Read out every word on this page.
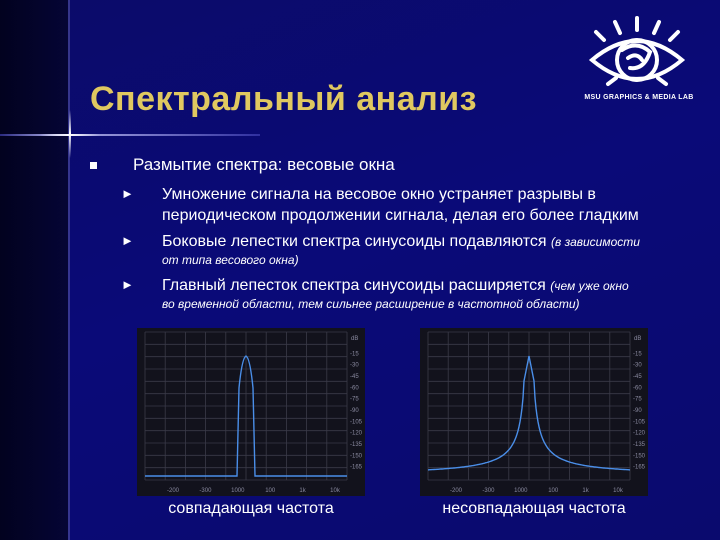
Спектральный анализ	MSU GRAPHICS & MEDIA LAB
Размытие спектра: весовые окна
► Умножение сигнала на весовое окно устраняет разрывы в
периодическом продолжении сигнала, делая его более гладким
► Боковые лепестки спектра синусоиды подавляются (в зависимости
от типа весового окна)
► Главный лепесток спектра синусоиды расширяется (чем уже окно
во временной области, тем сильнее расширение в частотной области)
dB
-15
-30
-45
-60
-75
-90
-105
-120
-135
-150
-165
-200	-300	1000	100	1k	10k
dB
-15
-30
-45
-60
-75
-90
-105
-120
-135
-150
-165
-200	-300	1000	100	1k	10k
совпадающая частота	несовпадающая частота
